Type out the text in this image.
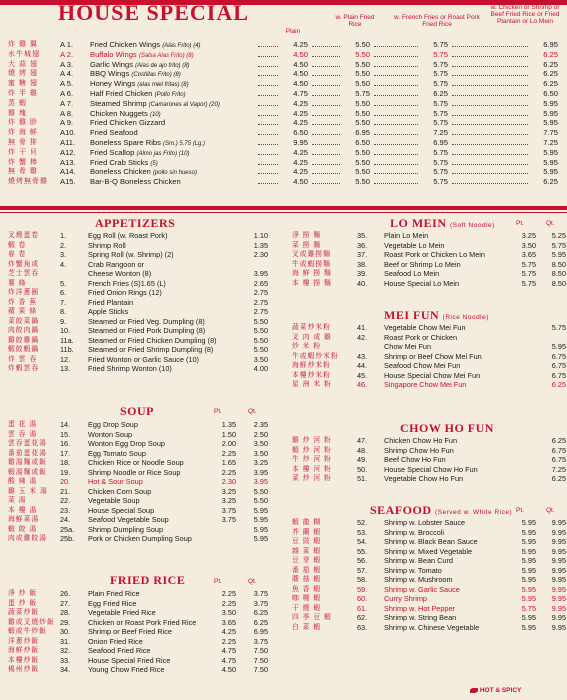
HOUSE SPECIAL
Plain
w. Plain Fried Rice
w. French Fries or Roast Pork Fried Rice
w. Chicken or Shrimp or Beef Fried Rice or Fried Plantain or Lo Mein
炸 雞 翼	A 1.	Fried Chicken Wings (Alas Frito) (4)	4.25	5.50	5.75	6.95
水牛城翅	A 2.	Buffalo Wings (Salsa Alas Frito) (8)	4.50	5.50	5.75	6.25
大 蒜 翅	A 3.	Garlic Wings (Alas de ajo frito) (8)	4.50	5.50	5.75	6.25
燒 烤 翅	A 4.	BBQ Wings (Costillas Frito) (8)	4.50	5.50	5.75	6.25
蜜 糖 翅	A 5.	Honey Wings (alas miel fritas) (8)	4.50	5.50	5.75	6.25
炸 半 雞	A 6.	Half Fried Chicken (Pollo Frito)	4.75	5.75	6.25	6.50
蒸 蝦	A 7.	Steamed Shrimp (Camarones al Vapor) (20)	4.25	5.50	5.75	5.95
雞 塊	A 8.	Chicken Nuggets (10)	4.25	5.50	5.75	5.95
炸 雞 胗	A 9.	Fried Chicken Gizzard	4.25	5.50	5.75	5.95
炸 海 鮮	A10.	Fried Seafood	6.50	6.95	7.25	7.75
無 骨 排	A11.	Boneless Spare Ribs (Sm.) 5.75 (Lg.)	9.95	6.50	6.95	7.25
炸 干 貝	A12.	Fried Scallop (Almo jas Frito) (10)	4.25	5.50	5.75	5.95
炸 蟹 棒	A13.	Fried Crab Sticks (5)	4.25	5.50	5.75	5.95
無 骨 雞	A14.	Boneless Chicken (pollo sin hueso)	4.25	5.50	5.75	5.95
燒烤無骨雞	A15.	Bar-B-Q Boneless Chicken	4.50	5.50	5.75	6.25
APPETIZERS
叉燒蛋卷	1.	Egg Roll (w. Roast Pork)	1.10
蝦 卷	2.	Shrimp Roll	1.35
春 卷	3.	Spring Roll (w. Shrimp) (2)	2.30
炸蟹角或	4.	Crab Rangoon or
芝士雲吞	Cheese Wonton (8)	3.95
薯 條	5.	French Fries (S)1.65 (L)	2.65
炸洋蔥圈	6.	Fried Onion Rings (12)	2.75
炸 香 蕉	7.	Fried Plantain	2.75
蘋 果 條	8.	Apple Sticks	2.75
菜餃菜鍋	9.	Steamed or Fried Veg. Dumpling (8)	5.50
肉餃肉鍋	10. Steamed or Fried Pork Dumpling (8)	5.50
雞餃雞鍋	11a. Steamed or Fried Chicken Dumpling (8)	5.50
蝦餃蝦鍋	11b. Steamed or Fried Shrimp Dumpling (8)	5.50
炸 雲 吞	12. Fried Wonton or Garlic Sauce (10)	3.50
炸蝦雲吞	13. Fried Shrimp Wonton (10)	4.00
SOUP	Pt.	Qt.
蛋 花 湯	14. Egg Drop Soup	1.35	2.35
雲 吞 湯	15. Wonton Soup	1.50	2.50
雲吞蛋花湯 16. Wonton Egg Drop Soup	2.00	3.50
番茄蛋花湯 17. Egg Tomato Soup	2.25	3.50
雞湯麵或飯 18. Chicken Rice or Noodle Soup	1.65	3.25
蝦湯麵或飯 19. Shrimp Noodle or Rice Soup	2.25	3.95
酸 辣 湯	20. Hot & Sour Soup	2.30	3.95
雞 玉 米 湯 21. Chicken Corn Soup	3.25	5.50
菜 湯	22. Vegetable Soup	3.25	5.50
本 樓 湯	23. House Special Soup	3.75	5.95
海鮮菜湯	24. Seafood Vegetable Soup	3.75	5.95
蝦 餃 湯	25a. Shrimp Dumpling Soup	5.95
肉或雞餃湯 25b. Pork or Chicken Dumpling Soup	5.95
FRIED RICE	Pt.	Qt.
淨 炒 飯	26. Plain Fried Rice	2.25	3.75
蛋 炒 飯	27. Egg Fried Rice	2.25	3.75
蔬菜炒飯	28. Vegetable Fried Rice	3.50	6.25
雞或叉燒炒飯 29. Chicken or Roast Pork Fried Rice	3.65	6.25
蝦或牛炒飯 30. Shrimp or Beef Fried Rice	4.25	6.95
洋蔥炒飯	31. Onion Fried Rice	2.25	3.75
海鮮炒飯	32. Seafood Fried Rice	4.75	7.50
本樓炒飯	33. House Special Fried Rice	4.75	7.50
楊州炒飯	34. Young Chow Fried Rice	4.50	7.50
LO MEIN (Soft Noodle)	Pt.	Qt.
淨 撈 麵	35. Plain Lo Mein	3.25	5.25
菜 撈 麵	36. Vegetable Lo Mein	3.50	5.75
叉或雞撈麵	37. Roast Pork or Chicken Lo Mein	3.65	5.95
牛或蝦撈麵	38. Beef or Shrimp Lo Mein	5.75	8.50
海 鮮 撈 麵	39. Seafood Lo Mein	5.75	8.50
本 樓 撈 麵	40. House Special Lo Mein	5.75	8.50
MEI FUN (Rice Noodle)
蔬菜炒米粉	41. Vegetable Chow Mei Fun	5.75
叉 肉 或 雞	42. Roast Pork or Chicken
炒 米 粉	Chow Mei Fun	5.95
牛或蝦炒米粉 43. Shrimp or Beef Chow Mei Fun	6.75
海鮮炒米粉	44. Seafood Chow Mei Fun	6.75
本樓炒米粉	45. House Special Chow Mei Fun	6.75
星 洲 米 粉	46. Singapore Chow Mei Fun	6.25
CHOW HO FUN
雞 炒 河 粉	47. Chicken Chow Ho Fun	6.25
蝦 炒 河 粉	48. Shrimp Chow Ho Fun	6.75
牛 炒 河 粉	49. Beef Chow Ho Fun	6.75
本 樓 河 粉	50. House Special Chow Ho Fun	7.25
菜 炒 河 粉	51. Vegetable Chow Ho Fun	6.25
SEAFOOD (Served w. White Rice) Pt.	Qt.
蝦 龍 糊	52. Shrimp w. Lobster Sauce	5.95	9.95
芥 蘭 蝦	53. Shrimp w. Broccoli	5.95	9.95
豆 豉 蝦	54. Shrimp w. Black Bean Sauce	5.95	9.95
雜 菜 蝦	55. Shrimp w. Mixed Vegetable	5.95	9.95
豆 芽 蝦	56. Shrimp w. Bean Curd	5.95	9.95
番 茄 蝦	57. Shrimp w. Tomato	5.95	9.95
蘑 菇 蝦	58. Shrimp w. Mushroom	5.95	9.95
魚 香 蝦	59. Shrimp w. Garlic Sauce	5.95	9.95
咖 喱 蝦	60. Curry Shrimp	5.95	9.95
干 燒 蝦	61. Shrimp w. Hot Pepper	5.75	9.95
四 季 豆 蝦	62. Shrimp w. String Bean	5.95	9.95
白 菜 蝦	63. Shrimp w. Chinese Vegetable	5.95	9.95
HOT & SPICY
